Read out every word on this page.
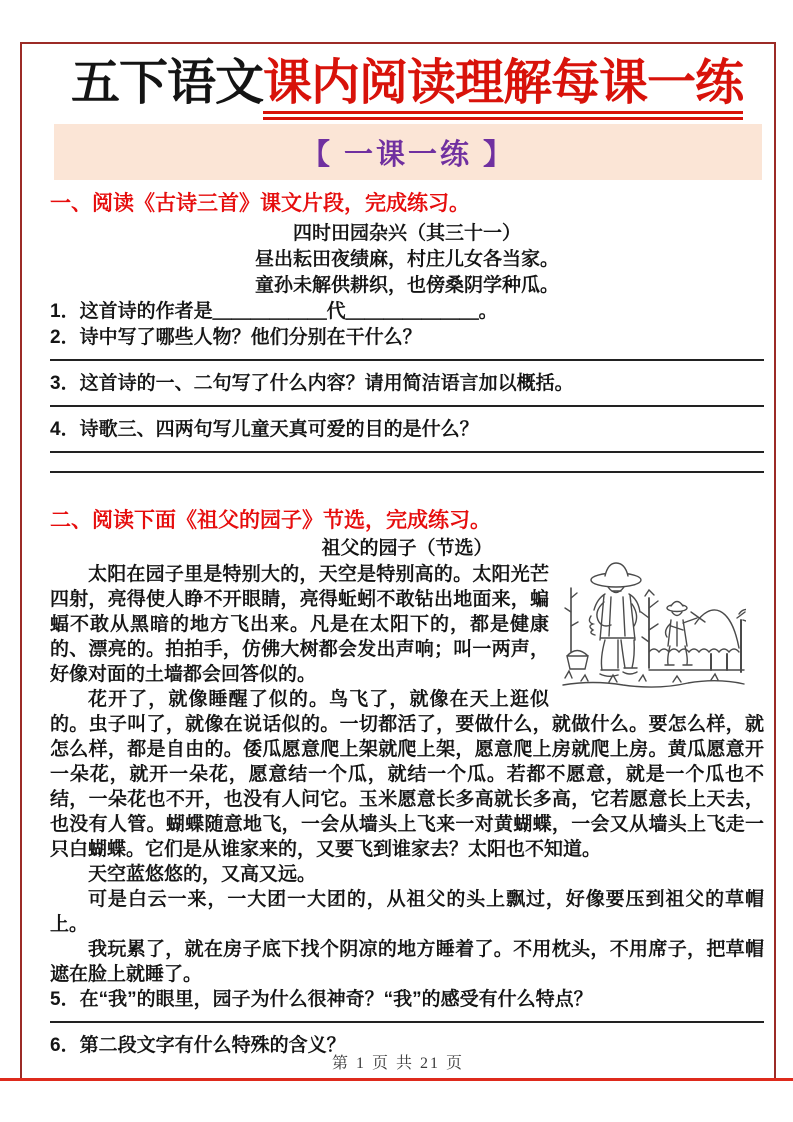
五下语文课内阅读理解每课一练
【 一课一练 】
一、阅读《古诗三首》课文片段，完成练习。
四时田园杂兴（其三十一）
昼出耘田夜绩麻，村庄儿女各当家。
童孙未解供耕织，也傍桑阴学种瓜。
1．这首诗的作者是＿＿＿＿＿＿代＿＿＿＿＿＿＿。
2．诗中写了哪些人物？他们分别在干什么？
3．这首诗的一、二句写了什么内容？请用简洁语言加以概括。
4．诗歌三、四两句写儿童天真可爱的目的是什么？
二、阅读下面《祖父的园子》节选，完成练习。
祖父的园子（节选）

太阳在园子里是特别大的，天空是特别高的。太阳光芒四射，亮得使人睁不开眼睛，亮得蚯蚓不敢钻出地面来，蝙蝠不敢从黑暗的地方飞出来。凡是在太阳下的，都是健康的、漂亮的。拍拍手，仿佛大树都会发出声响；叫一两声，好像对面的土墙都会回答似的。

花开了，就像睡醒了似的。鸟飞了，就像在天上逛似的。虫子叫了，就像在说话似的。一切都活了，要做什么，就做什么。要怎么样，就怎么样，都是自由的。倭瓜愿意爬上架就爬上架，愿意爬上房就爬上房。黄瓜愿意开一朵花，就开一朵花，愿意结一个瓜，就结一个瓜。若都不愿意，就是一个瓜也不结，一朵花也不开，也没有人问它。玉米愿意长多高就长多高，它若愿意长上天去，也没有人管。蝴蝶随意地飞，一会从墙头上飞来一对黄蝴蝶，一会又从墙头上飞走一只白蝴蝶。它们是从谁家来的，又要飞到谁家去？太阳也不知道。

天空蓝悠悠的，又高又远。

可是白云一来，一大团一大团的，从祖父的头上飘过，好像要压到祖父的草帽上。

我玩累了，就在房子底下找个阴凉的地方睡着了。不用枕头，不用席子，把草帽遮在脸上就睡了。

5．在“我”的眼里，园子为什么很神奇？“我”的感受有什么特点？
6．第二段文字有什么特殊的含义？
第 1 页 共 21 页
